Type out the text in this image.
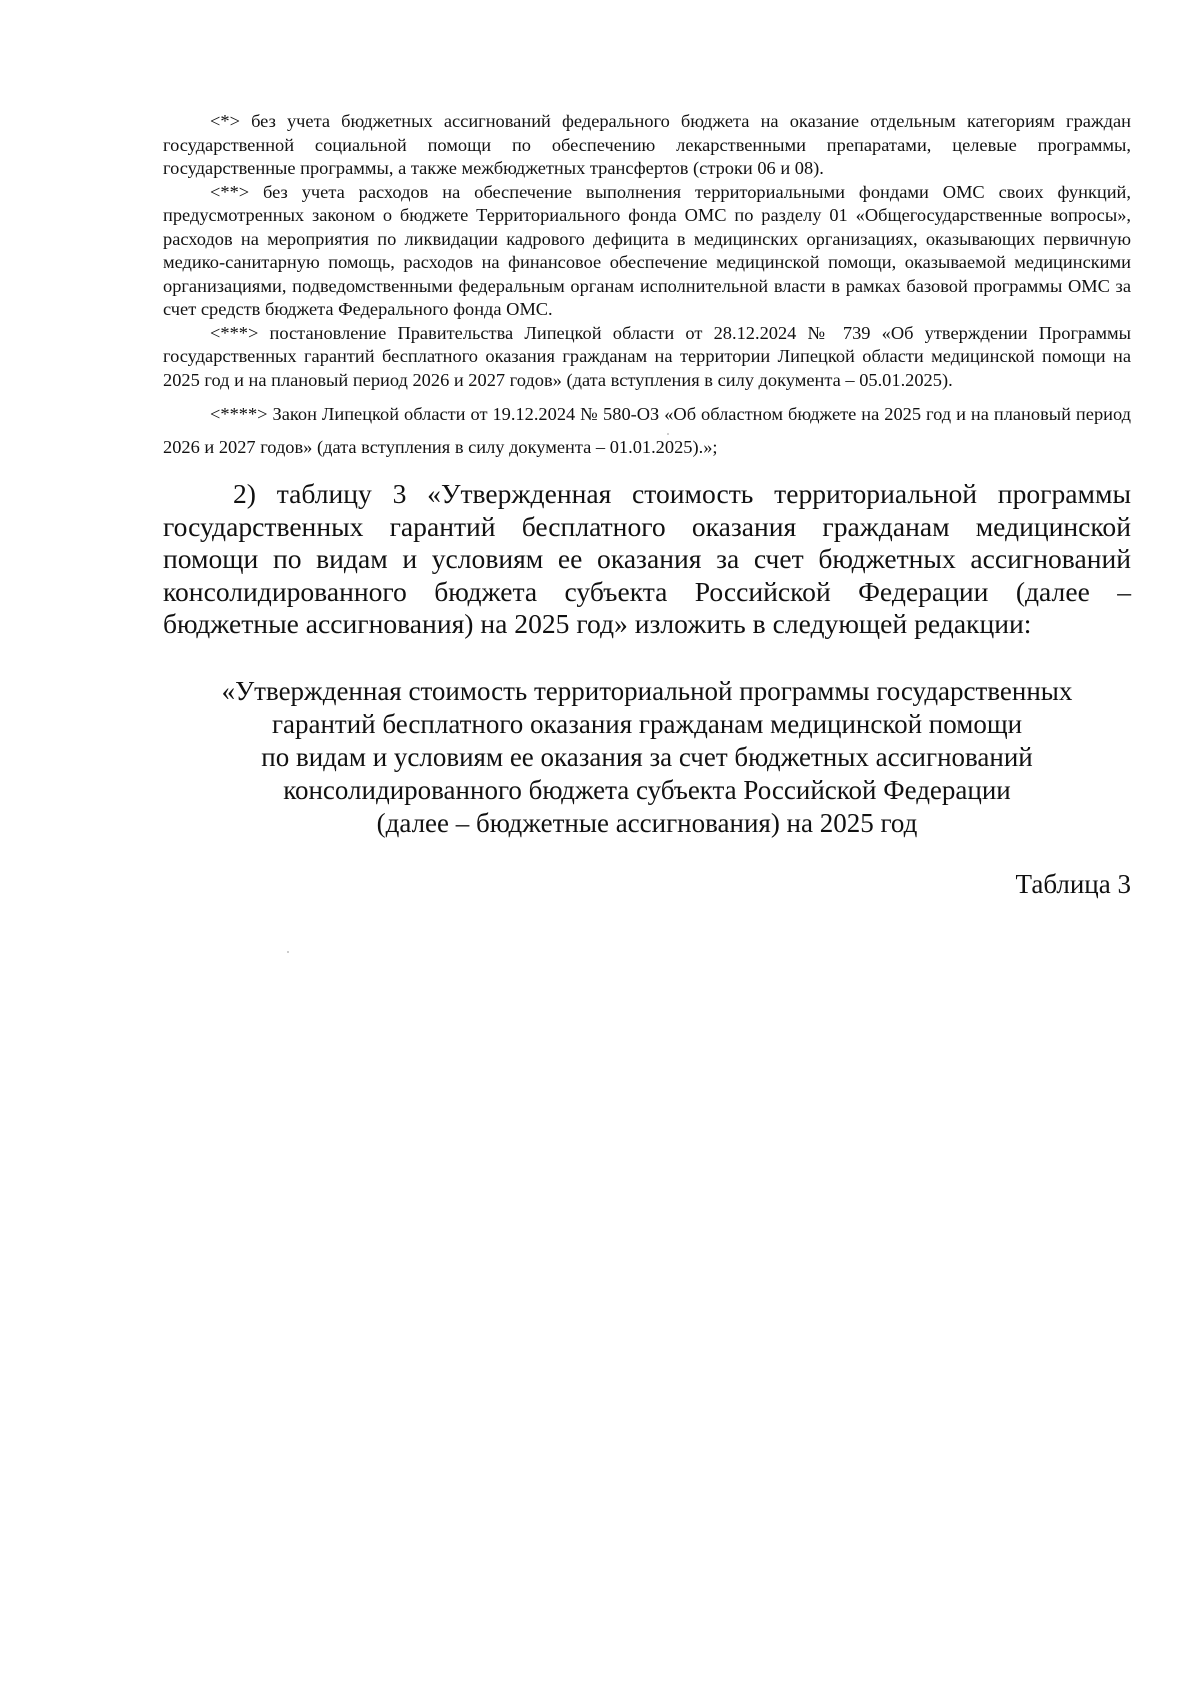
<*> без учета бюджетных ассигнований федерального бюджета на оказание отдельным категориям граждан государственной социальной помощи по обеспечению лекарственными препаратами, целевые программы, государственные программы, а также межбюджетных трансфертов (строки 06 и 08).

<**> без учета расходов на обеспечение выполнения территориальными фондами ОМС своих функций, предусмотренных законом о бюджете Территориального фонда ОМС по разделу 01 «Общегосударственные вопросы», расходов на мероприятия по ликвидации кадрового дефицита в медицинских организациях, оказывающих первичную медико-санитарную помощь, расходов на финансовое обеспечение медицинской помощи, оказываемой медицинскими организациями, подведомственными федеральным органам исполнительной власти в рамках базовой программы ОМС за счет средств бюджета Федерального фонда ОМС.

<***> постановление Правительства Липецкой области от 28.12.2024 № 739 «Об утверждении Программы государственных гарантий бесплатного оказания гражданам на территории Липецкой области медицинской помощи на 2025 год и на плановый период 2026 и 2027 годов» (дата вступления в силу документа – 05.01.2025).

<****> Закон Липецкой области от 19.12.2024 № 580-ОЗ «Об областном бюджете на 2025 год и на плановый период 2026 и 2027 годов» (дата вступления в силу документа – 01.01.2025).»;

2) таблицу 3 «Утвержденная стоимость территориальной программы государственных гарантий бесплатного оказания гражданам медицинской помощи по видам и условиям ее оказания за счет бюджетных ассигнований консолидированного бюджета субъекта Российской Федерации (далее – бюджетные ассигнования) на 2025 год» изложить в следующей редакции:

«Утвержденная стоимость территориальной программы государственных
гарантий бесплатного оказания гражданам медицинской помощи
по видам и условиям ее оказания за счет бюджетных ассигнований
консолидированного бюджета субъекта Российской Федерации
(далее – бюджетные ассигнования) на 2025 год

Таблица 3
